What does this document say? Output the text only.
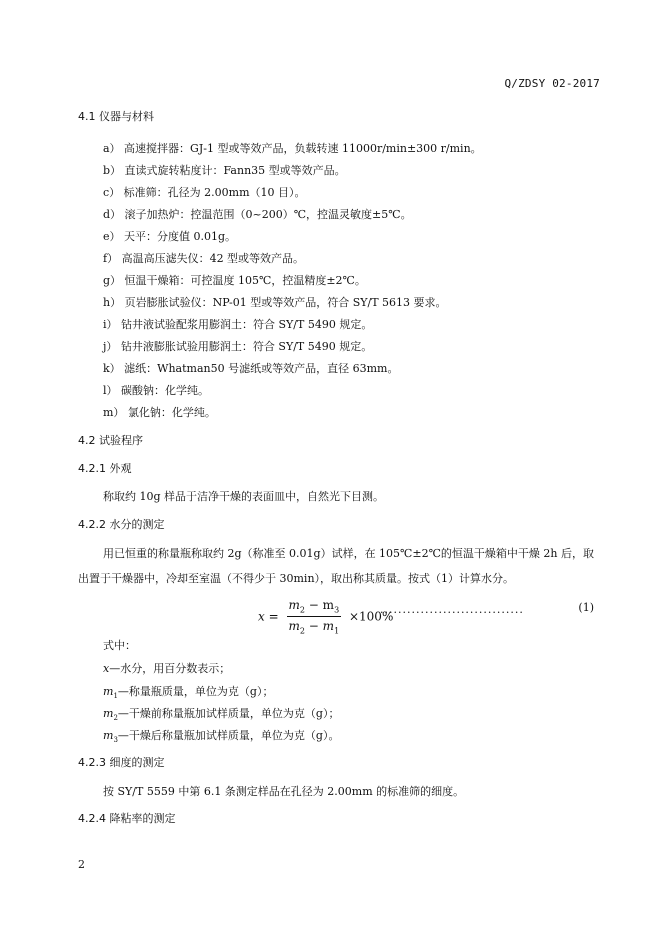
Q/ZDSY 02-2017
4.1 仪器与材料
a） 高速搅拌器：GJ-1 型或等效产品，负载转速 11000r/min±300 r/min。
b） 直读式旋转粘度计：Fann35 型或等效产品。
c） 标准筛：孔径为 2.00mm（10 目）。
d） 滚子加热炉：控温范围（0~200）℃，控温灵敏度±5℃。
e） 天平：分度值 0.01g。
f） 高温高压滤失仪：42 型或等效产品。
g） 恒温干燥箱：可控温度 105℃，控温精度±2℃。
h） 页岩膨胀试验仪：NP-01 型或等效产品，符合 SY/T 5613 要求。
i） 钻井液试验配浆用膨润土：符合 SY/T 5490 规定。
j） 钻井液膨胀试验用膨润土：符合 SY/T 5490 规定。
k） 滤纸：Whatman50 号滤纸或等效产品，直径 63mm。
l） 碳酸钠：化学纯。
m） 氯化钠：化学纯。
4.2 试验程序
4.2.1 外观
称取约 10g 样品于洁净干燥的表面皿中，自然光下目测。
4.2.2 水分的测定
用已恒重的称量瓶称取约 2g（称准至 0.01g）试样，在 105℃±2℃的恒温干燥箱中干燥 2h 后，取
出置于干燥器中，冷却至室温（不得少于 30min），取出称其质量。按式（1）计算水分。
$x = \frac{m_2 - m_3}{m_2 - m_1} \times 100\%$
................................	(1)
式中：
x—水分，用百分数表示；
$m_1—$称量瓶质量，单位为克（g）；
$m_2—$干燥前称量瓶加试样质量，单位为克（g）；
$m_3—$干燥后称量瓶加试样质量，单位为克（g）。
4.2.3 细度的测定
按 SY/T 5559 中第 6.1 条测定样品在孔径为 2.00mm 的标准筛的细度。
4.2.4 降粘率的测定
2
